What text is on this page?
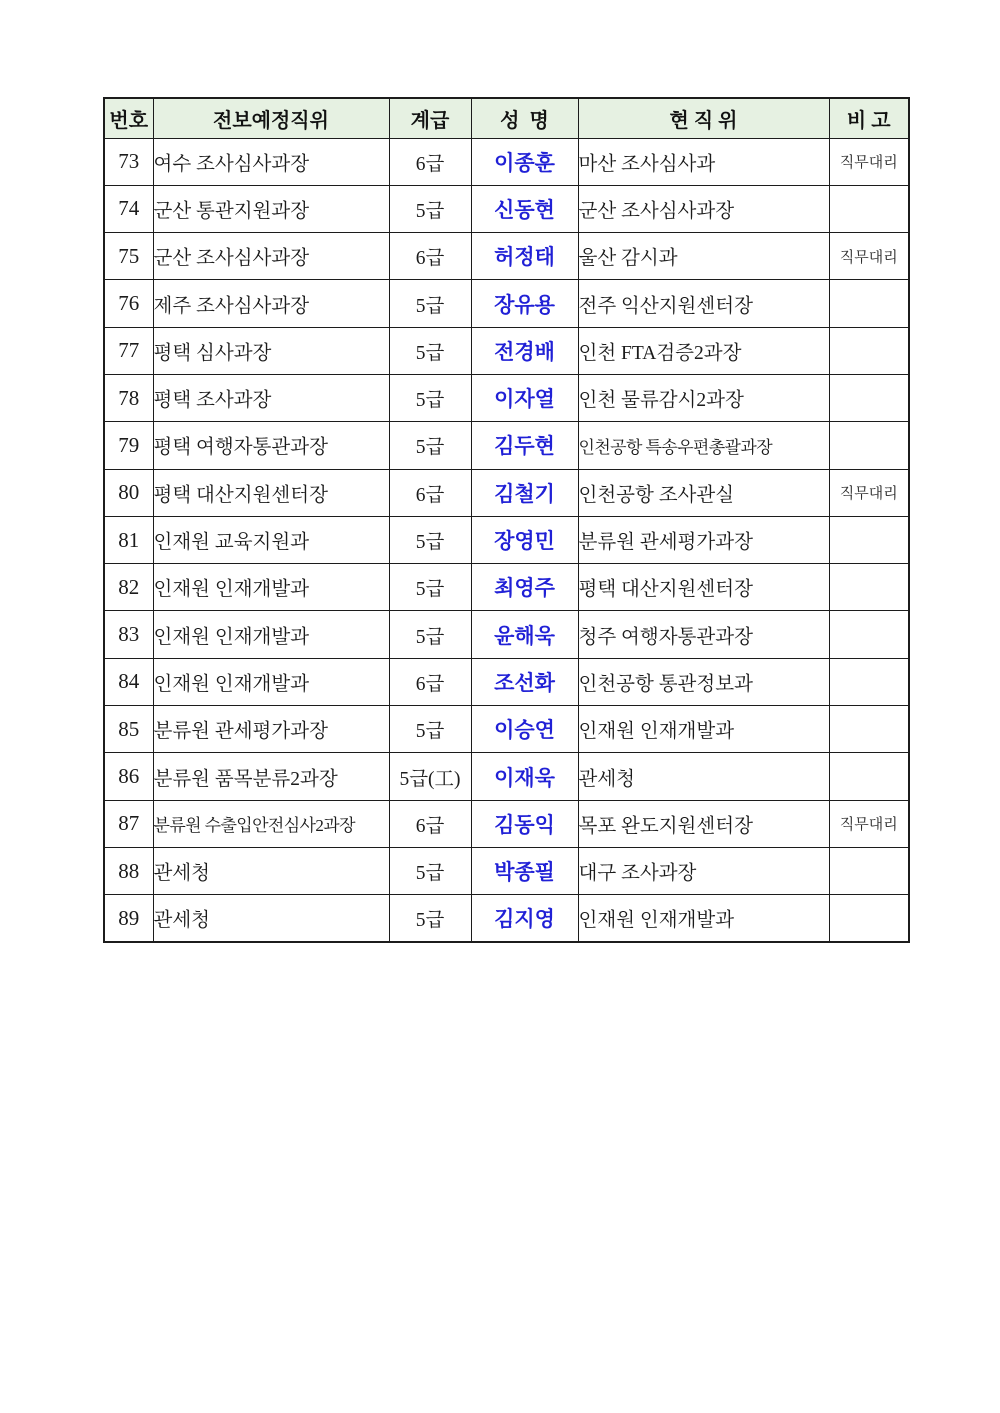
번호	전보예정직위	계급	성  명	현 직 위	비 고
73	여수 조사심사과장	6급	이종훈	마산 조사심사과	직무대리
74	군산 통관지원과장	5급	신동현	군산 조사심사과장	
75	군산 조사심사과장	6급	허정태	울산 감시과	직무대리
76	제주 조사심사과장	5급	장유용	전주 익산지원센터장	
77	평택 심사과장	5급	전경배	인천 FTA검증2과장	
78	평택 조사과장	5급	이자열	인천 물류감시2과장	
79	평택 여행자통관과장	5급	김두현	인천공항 특송우편총괄과장	
80	평택 대산지원센터장	6급	김철기	인천공항 조사관실	직무대리
81	인재원 교육지원과	5급	장영민	분류원 관세평가과장	
82	인재원 인재개발과	5급	최영주	평택 대산지원센터장	
83	인재원 인재개발과	5급	윤해욱	청주 여행자통관과장	
84	인재원 인재개발과	6급	조선화	인천공항 통관정보과	
85	분류원 관세평가과장	5급	이승연	인재원 인재개발과	
86	분류원 품목분류2과장	5급(工)	이재욱	관세청	
87	분류원 수출입안전심사2과장	6급	김동익	목포 완도지원센터장	직무대리
88	관세청	5급	박종필	대구 조사과장	
89	관세청	5급	김지영	인재원 인재개발과	
